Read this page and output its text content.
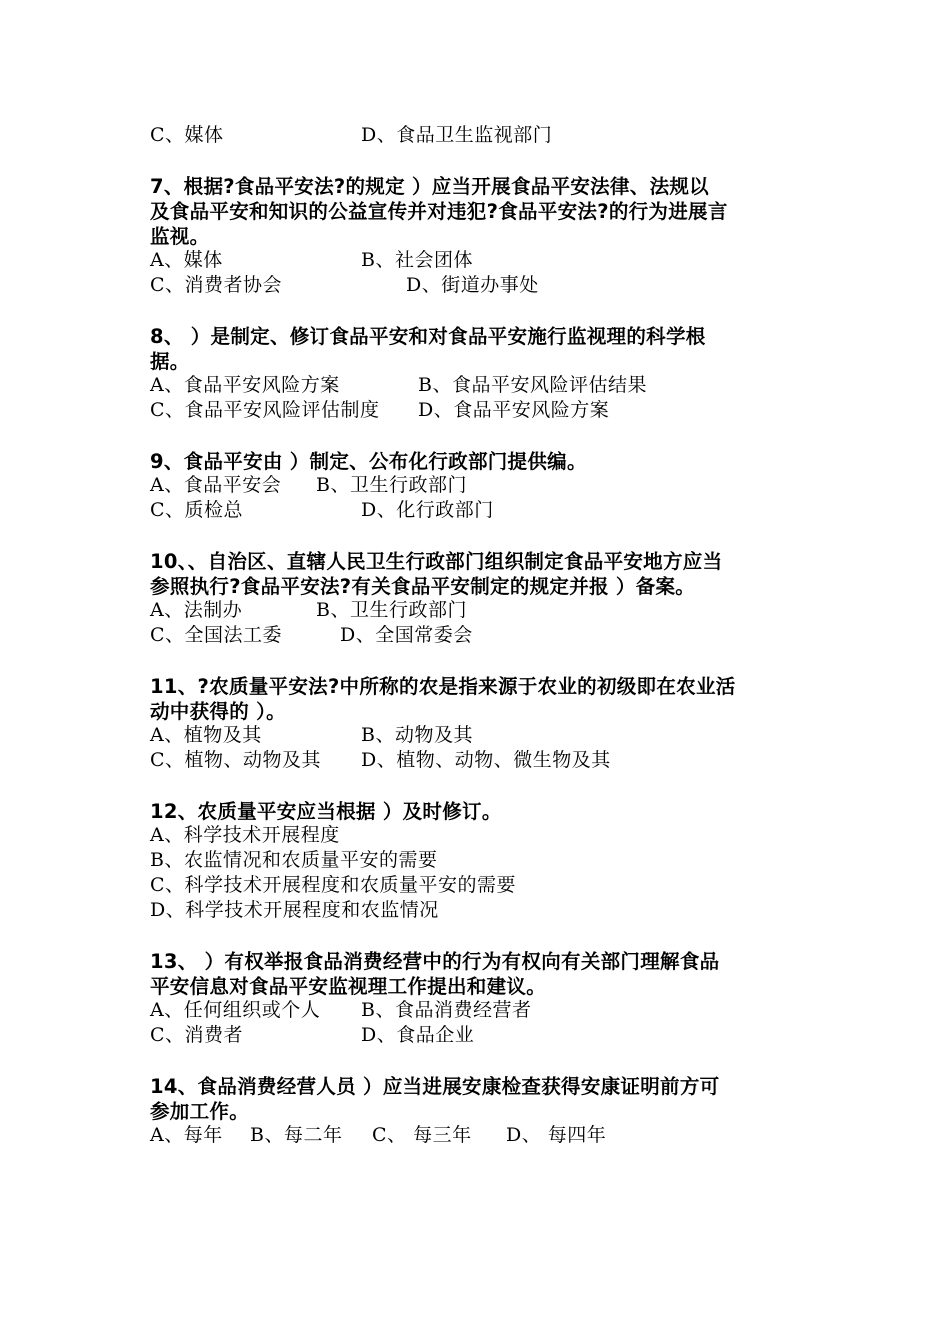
C、媒体

	D、食品卫生监视部门

7、根据?食品平安法?的规定 ）应当开展食品平安法律、法规以
及食品平安和知识的公益宣传并对违犯?食品平安法?的行为进展言
监视。

A、媒体

	B、社会团体

C、消费者协会

	D、街道办事处

8、 ）是制定、修订食品平安和对食品平安施行监视理的科学根
据。

A、食品平安风险方案

	B、食品平安风险评估结果

C、食品平安风险评估制度

D、食品平安风险方案

9、食品平安由 ）制定、公布化行政部门提供编。

A、食品平安会

B、卫生行政部门

C、质检总

	D、化行政部门

10、、自治区、直辖人民卫生行政部门组织制定食品平安地方应当
参照执行?食品平安法?有关食品平安制定的规定并报 ）备案。

A、法制办

	B、卫生行政部门

C、全国法工委

	D、全国常委会

11、?农质量平安法?中所称的农是指来源于农业的初级即在农业活
动中获得的 ）。

A、植物及其

	B、动物及其

C、植物、动物及其

D、植物、动物、微生物及其

12、农质量平安应当根据 ）及时修订。
A、科学技术开展程度
B、农监情况和农质量平安的需要
C、科学技术开展程度和农质量平安的需要
D、科学技术开展程度和农监情况
13、 ）有权举报食品消费经营中的行为有权向有关部门理解食品
平安信息对食品平安监视理工作提出和建议。

A、任何组织或个人

B、食品消费经营者

C、消费者

	D、食品企业

14、食品消费经营人员 ）应当进展安康检查获得安康证明前方可
参加工作。

A、每年

B、每二年

C、 每三年

D、 每四年
